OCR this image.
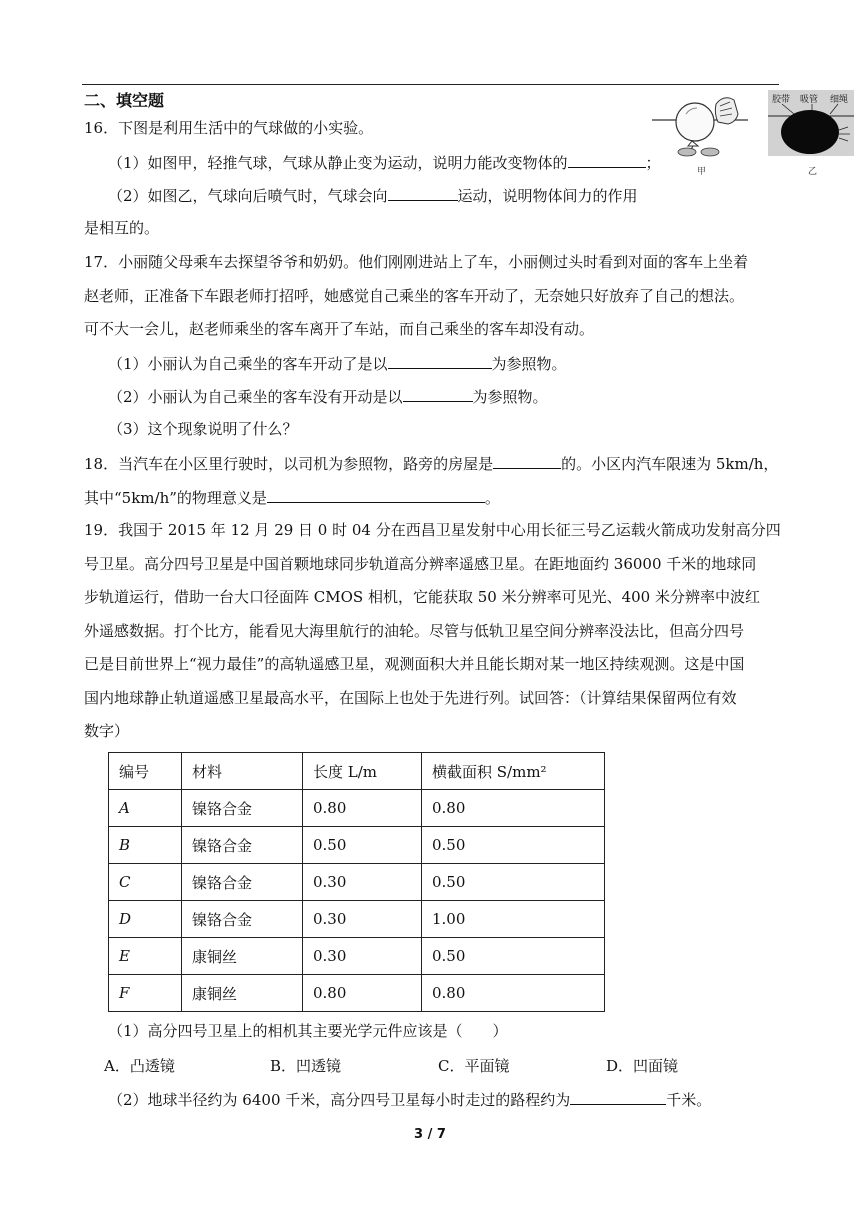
二、填空题
16．下图是利用生活中的气球做的小实验。
（1）如图甲，轻推气球，气球从静止变为运动，说明力能改变物体的	；
（2）如图乙，气球向后喷气时，气球会向	运动，说明物体间力的作用
是相互的。
甲
胶带 吸管 细绳
乙
17．小丽随父母乘车去探望爷爷和奶奶。他们刚刚进站上了车，小丽侧过头时看到对面的客车上坐着
赵老师，正准备下车跟老师打招呼，她感觉自己乘坐的客车开动了，无奈她只好放弃了自己的想法。
可不大一会儿，赵老师乘坐的客车离开了车站，而自己乘坐的客车却没有动。
（1）小丽认为自己乘坐的客车开动了是以	为参照物。
（2）小丽认为自己乘坐的客车没有开动是以	为参照物。
（3）这个现象说明了什么？
18．当汽车在小区里行驶时，以司机为参照物，路旁的房屋是	的。小区内汽车限速为 5km/h，
其中“5km/h”的物理意义是	。
19．我国于 2015 年 12 月 29 日 0 时 04 分在西昌卫星发射中心用长征三号乙运载火箭成功发射高分四
号卫星。高分四号卫星是中国首颗地球同步轨道高分辨率遥感卫星。在距地面约 36000 千米的地球同
步轨道运行，借助一台大口径面阵 CMOS 相机，它能获取 50 米分辨率可见光、400 米分辨率中波红
外遥感数据。打个比方，能看见大海里航行的油轮。尽管与低轨卫星空间分辨率没法比，但高分四号
已是目前世界上“视力最佳”的高轨遥感卫星，观测面积大并且能长期对某一地区持续观测。这是中国
国内地球静止轨道遥感卫星最高水平，在国际上也处于先进行列。试回答：（计算结果保留两位有效
数字）
编号	材料	长度 L/m	横截面积 S/mm²
A	镍铬合金	0.80	0.80
B	镍铬合金	0.50	0.50
C	镍铬合金	0.30	0.50
D	镍铬合金	0.30	1.00
E	康铜丝	0.30	0.50
F	康铜丝	0.80	0.80
（1）高分四号卫星上的相机其主要光学元件应该是（　　）
A．凸透镜	B．凹透镜	C．平面镜	D．凹面镜
（2）地球半径约为 6400 千米，高分四号卫星每小时走过的路程约为	千米。
3 / 7
